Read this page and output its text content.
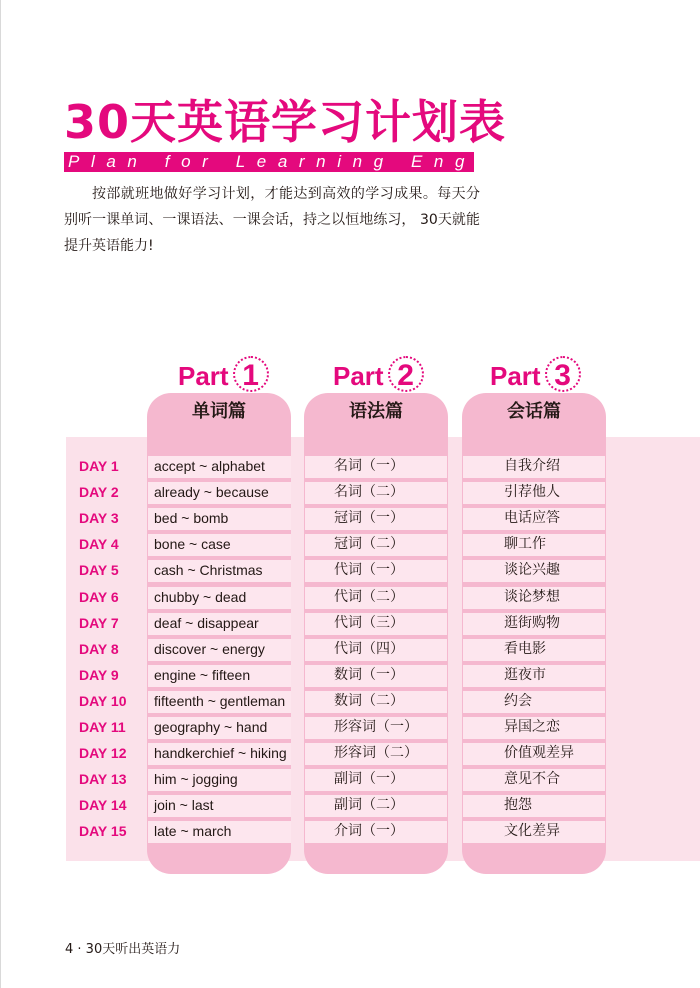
30天英语学习计划表
Plan for Learning English
按部就班地做好学习计划，才能达到高效的学习成果。每天分别听一课单词、一课语法、一课会话，持之以恒地练习， 30天就能提升英语能力!
Part 1	Part 2	Part 3
单词篇	语法篇	会话篇
DAY 1	accept ~ alphabet	名词（一）	自我介绍
DAY 2	already ~ because	名词（二）	引荐他人
DAY 3	bed ~ bomb	冠词（一）	电话应答
DAY 4	bone ~ case	冠词（二）	聊工作
DAY 5	cash ~ Christmas	代词（一）	谈论兴趣
DAY 6	chubby ~ dead	代词（二）	谈论梦想
DAY 7	deaf ~ disappear	代词（三）	逛街购物
DAY 8	discover ~ energy	代词（四）	看电影
DAY 9	engine ~ fifteen	数词（一）	逛夜市
DAY 10 fifteenth ~ gentleman	数词（二）	约会
DAY 11 geography ~ hand	形容词（一）	异国之恋
DAY 12 handkerchief ~ hiking	形容词（二）	价值观差异
DAY 13 him ~ jogging	副词（一）	意见不合
DAY 14 join ~ last	副词（二）	抱怨
DAY 15 late ~ march	介词（一）	文化差异
4 · 30天听出英语力
